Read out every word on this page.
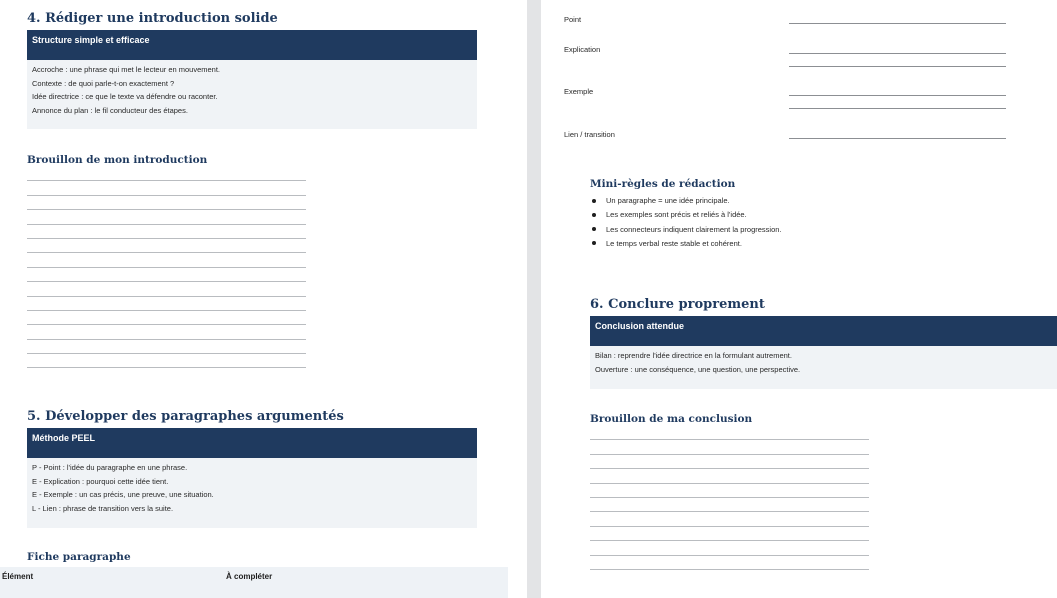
4. Rédiger une introduction solide
Structure simple et efficace
Accroche : une phrase qui met le lecteur en mouvement.
Contexte : de quoi parle-t-on exactement ?
Idée directrice : ce que le texte va défendre ou raconter.
Annonce du plan : le fil conducteur des étapes.
Brouillon de mon introduction
5. Développer des paragraphes argumentés
Méthode PEEL
P - Point : l'idée du paragraphe en une phrase.
E - Explication : pourquoi cette idée tient.
E - Exemple : un cas précis, une preuve, une situation.
L - Lien : phrase de transition vers la suite.
Fiche paragraphe
Élément	À compléter
Point
Explication
Exemple
Lien / transition
Mini-règles de rédaction
Un paragraphe = une idée principale.
Les exemples sont précis et reliés à l'idée.
Les connecteurs indiquent clairement la progression.
Le temps verbal reste stable et cohérent.
6. Conclure proprement
Conclusion attendue
Bilan : reprendre l'idée directrice en la formulant autrement.
Ouverture : une conséquence, une question, une perspective.
Brouillon de ma conclusion
